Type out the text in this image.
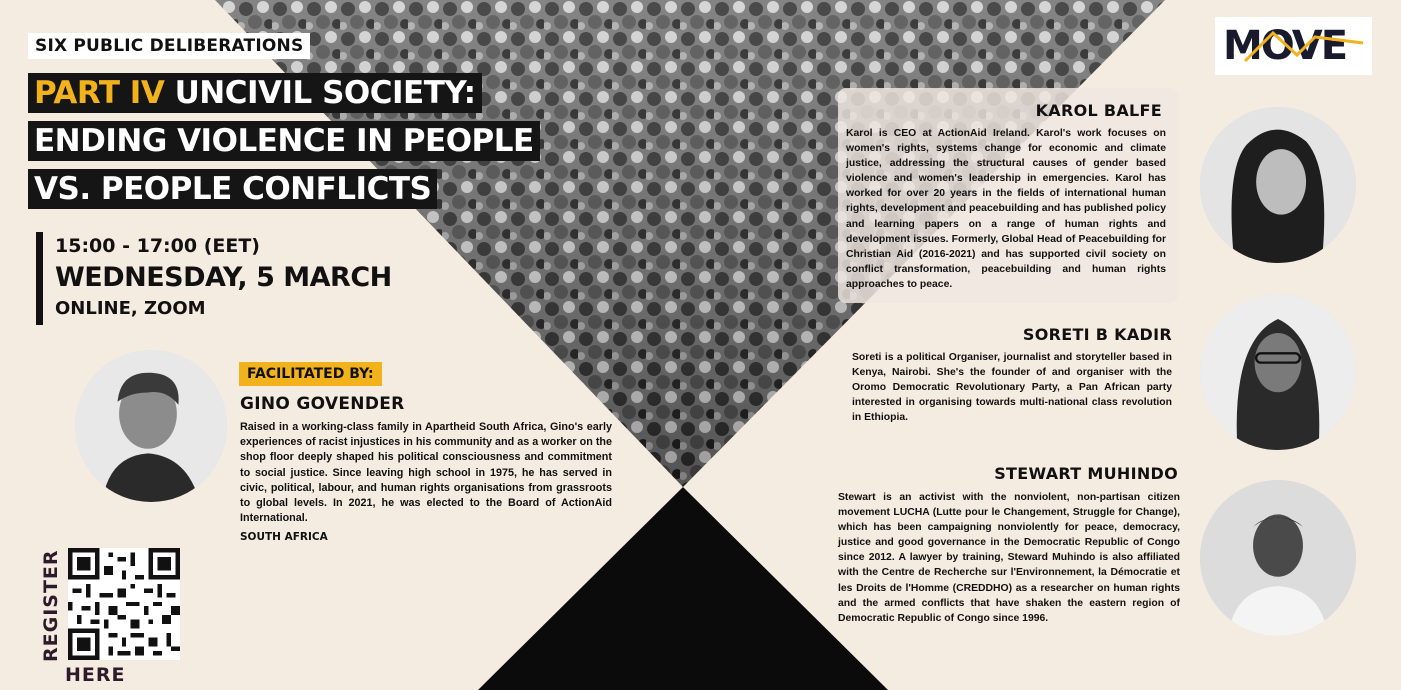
SIX PUBLIC DELIBERATIONS
PART IV UNCIVIL SOCIETY:
ENDING VIOLENCE IN PEOPLE
VS. PEOPLE CONFLICTS
15:00 - 17:00 (EET)
WEDNESDAY, 5 MARCH
ONLINE, ZOOM
FACILITATED BY:
GINO GOVENDER
Raised in a working-class family in Apartheid South Africa, Gino's early experiences of racist injustices in his community and as a worker on the shop floor deeply shaped his political consciousness and commitment to social justice. Since leaving high school in 1975, he has served in civic, political, labour, and human rights organisations from grassroots to global levels. In 2021, he was elected to the Board of ActionAid International.
SOUTH AFRICA
REGISTER
HERE
MOVE
KAROL BALFE
Karol is CEO at ActionAid Ireland. Karol's work focuses on women's rights, systems change for economic and climate justice, addressing the structural causes of gender based violence and women's leadership in emergencies. Karol has worked for over 20 years in the fields of international human rights, development and peacebuilding and has published policy and learning papers on a range of human rights and development issues. Formerly, Global Head of Peacebuilding for Christian Aid (2016-2021) and has supported civil society on conflict transformation, peacebuilding and human rights approaches to peace.
SORETI B KADIR
Soreti is a political Organiser, journalist and storyteller based in Kenya, Nairobi. She's the founder of and organiser with the Oromo Democratic Revolutionary Party, a Pan African party interested in organising towards multi-national class revolution in Ethiopia.
STEWART MUHINDO
Stewart is an activist with the nonviolent, non-partisan citizen movement LUCHA (Lutte pour le Changement, Struggle for Change), which has been campaigning nonviolently for peace, democracy, justice and good governance in the Democratic Republic of Congo since 2012. A lawyer by training, Steward Muhindo is also affiliated with the Centre de Recherche sur l'Environnement, la Démocratie et les Droits de l'Homme (CREDDHO) as a researcher on human rights and the armed conflicts that have shaken the eastern region of Democratic Republic of Congo since 1996.
